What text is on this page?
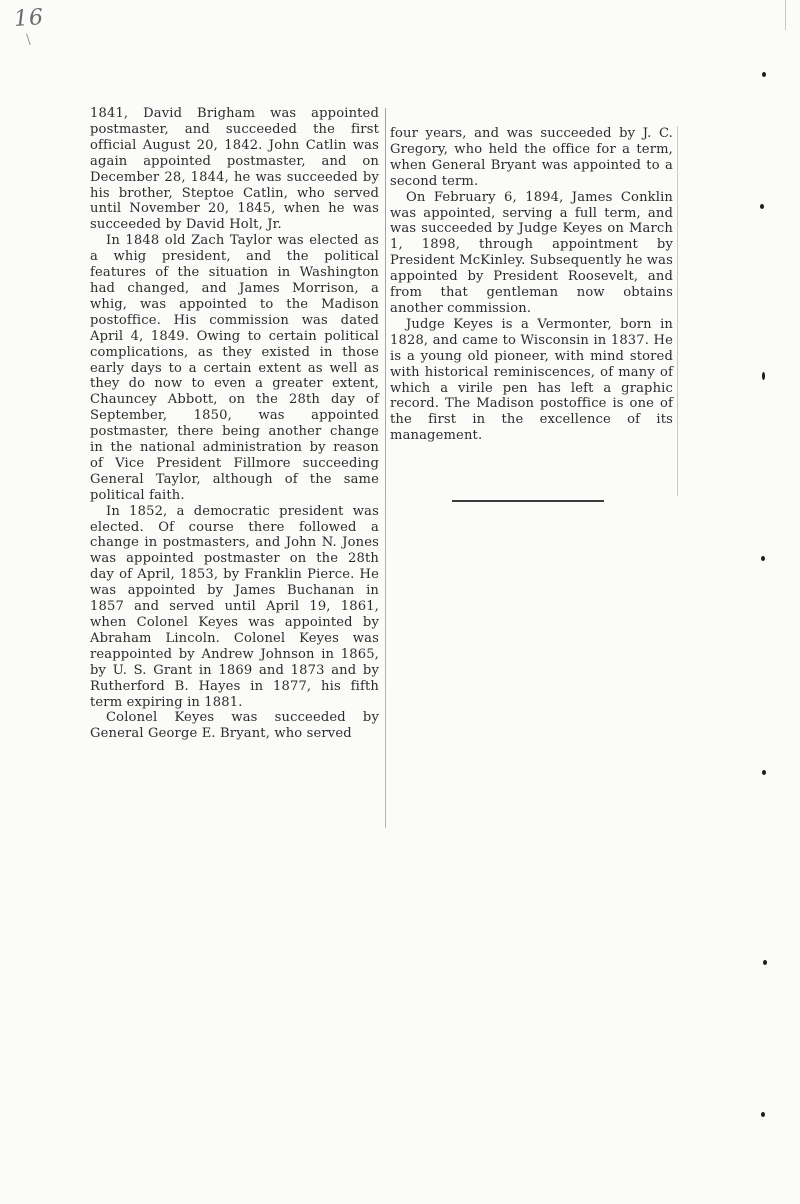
16
\

1841, David Brigham was appointed postmaster, and succeeded the first official August 20, 1842. John Catlin was again appointed postmaster, and on December 28, 1844, he was succeeded by his brother, Steptoe Catlin, who served until November 20, 1845, when he was succeeded by David Holt, Jr.

In 1848 old Zach Taylor was elected as a whig president, and the political features of the situation in Washington had changed, and James Morrison, a whig, was appointed to the Madison postoffice. His commission was dated April 4, 1849. Owing to certain political complications, as they existed in those early days to a certain extent as well as they do now to even a greater extent, Chauncey Abbott, on the 28th day of September, 1850, was appointed postmaster, there being another change in the national administration by reason of Vice President Fillmore succeeding General Taylor, although of the same political faith.

In 1852, a democratic president was elected. Of course there followed a change in postmasters, and John N. Jones was appointed postmaster on the 28th day of April, 1853, by Franklin Pierce. He was appointed by James Buchanan in 1857 and served until April 19, 1861, when Colonel Keyes was appointed by Abraham Lincoln. Colonel Keyes was reappointed by Andrew Johnson in 1865, by U. S. Grant in 1869 and 1873 and by Rutherford B. Hayes in 1877, his fifth term expiring in 1881.

Colonel Keyes was succeeded by General George E. Bryant, who served

four years, and was succeeded by J. C. Gregory, who held the office for a term, when General Bryant was appointed to a second term.

On February 6, 1894, James Conklin was appointed, serving a full term, and was succeeded by Judge Keyes on March 1, 1898, through appointment by President McKinley. Subsequently he was appointed by President Roosevelt, and from that gentleman now obtains another commission.

Judge Keyes is a Vermonter, born in 1828, and came to Wisconsin in 1837. He is a young old pioneer, with mind stored with historical reminiscences, of many of which a virile pen has left a graphic record. The Madison postoffice is one of the first in the excellence of its management.
